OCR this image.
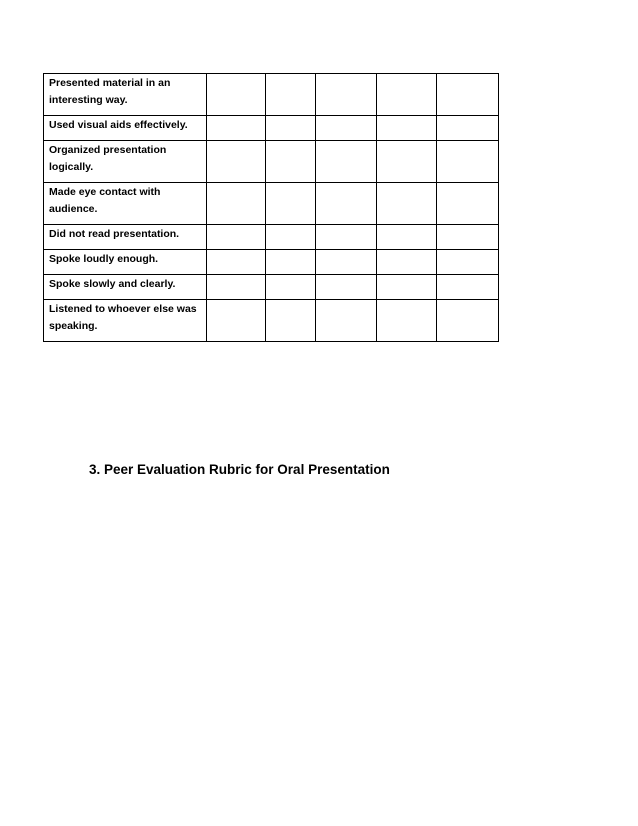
Presented material in an interesting way.					
Used visual aids effectively.					
Organized presentation logically.					
Made eye contact with audience.					
Did not read presentation.					
Spoke loudly enough.					
Spoke slowly and clearly.					
Listened to whoever else was speaking.					
3. Peer Evaluation Rubric for Oral Presentation
